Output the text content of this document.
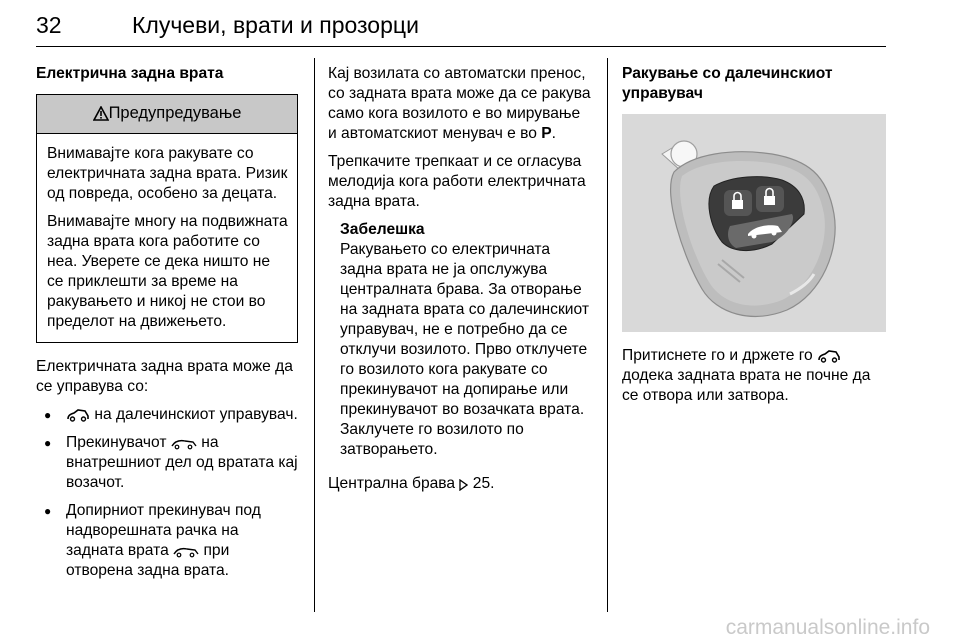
32	Клучеви, врати и прозорци
Електрична задна врата
Предупредување

Внимавајте кога ракувате со електричната задна врата. Ризик од повреда, особено за децата.

Внимавајте многу на подвижната задна врата кога работите со неа. Уверете се дека ништо не се приклешти за време на ракувањето и никој не стои во пределот на движењето.

Електричната задна врата може да се управува со:

● на далечинскиот управувач.
● Прекинувачот на внатрешниот дел од вратата кај возачот.
● Допирниот прекинувач под надворешната рачка на задната врата при отворена задна врата.

Кај возилата со автоматски пренос, со задната врата може да се ракува само кога возилото е во мирување и автоматскиот менувач е во P.

Трепкачите трепкаат и се огласува мелодија кога работи електричната задна врата.

Забелешка

Ракувањето со електричната задна врата не ја опслужува централната брава. За отворање на задната врата со далечинскиот управувач, не е потребно да се отклучи возилото. Прво отклучете го возилото кога ракувате со прекинувачот на допирање или прекинувачот во возачката врата. Заклучете го возилото по затворањето.

Централна брава 25.

Ракување со далечинскиот управувач

Притиснете го и држете го  додека задната врата не почне да се отвора или затвора.

carmanualsonline.info
